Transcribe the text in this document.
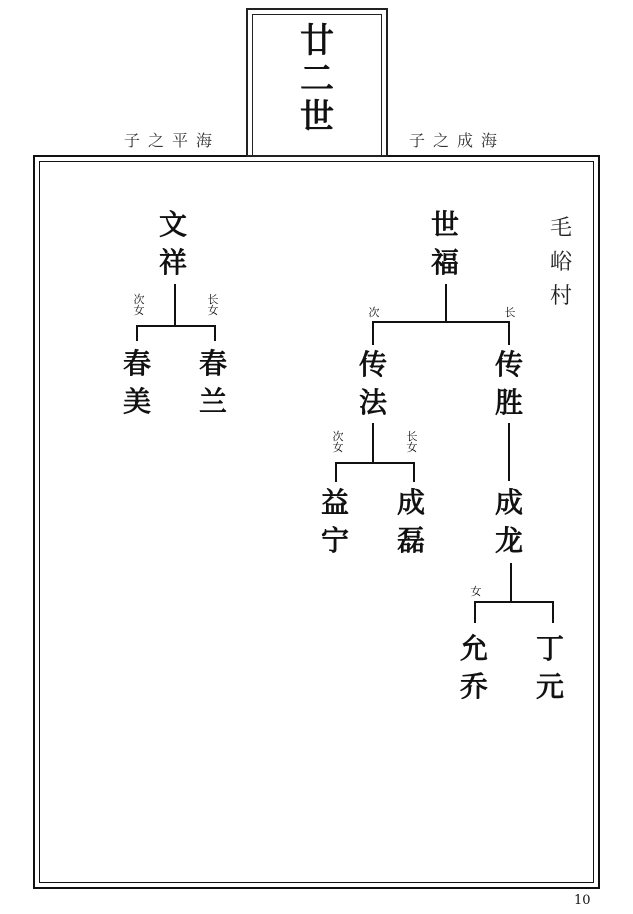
廿
二
世
子之平海	子之成海
毛
峪
村
文
祥
次
女
长
女
春
美
春
兰
世
福
次	长
传
法
传
胜
次
女
长
女
益
宁
成
磊
成
龙
女
允
乔
丁
元
10
